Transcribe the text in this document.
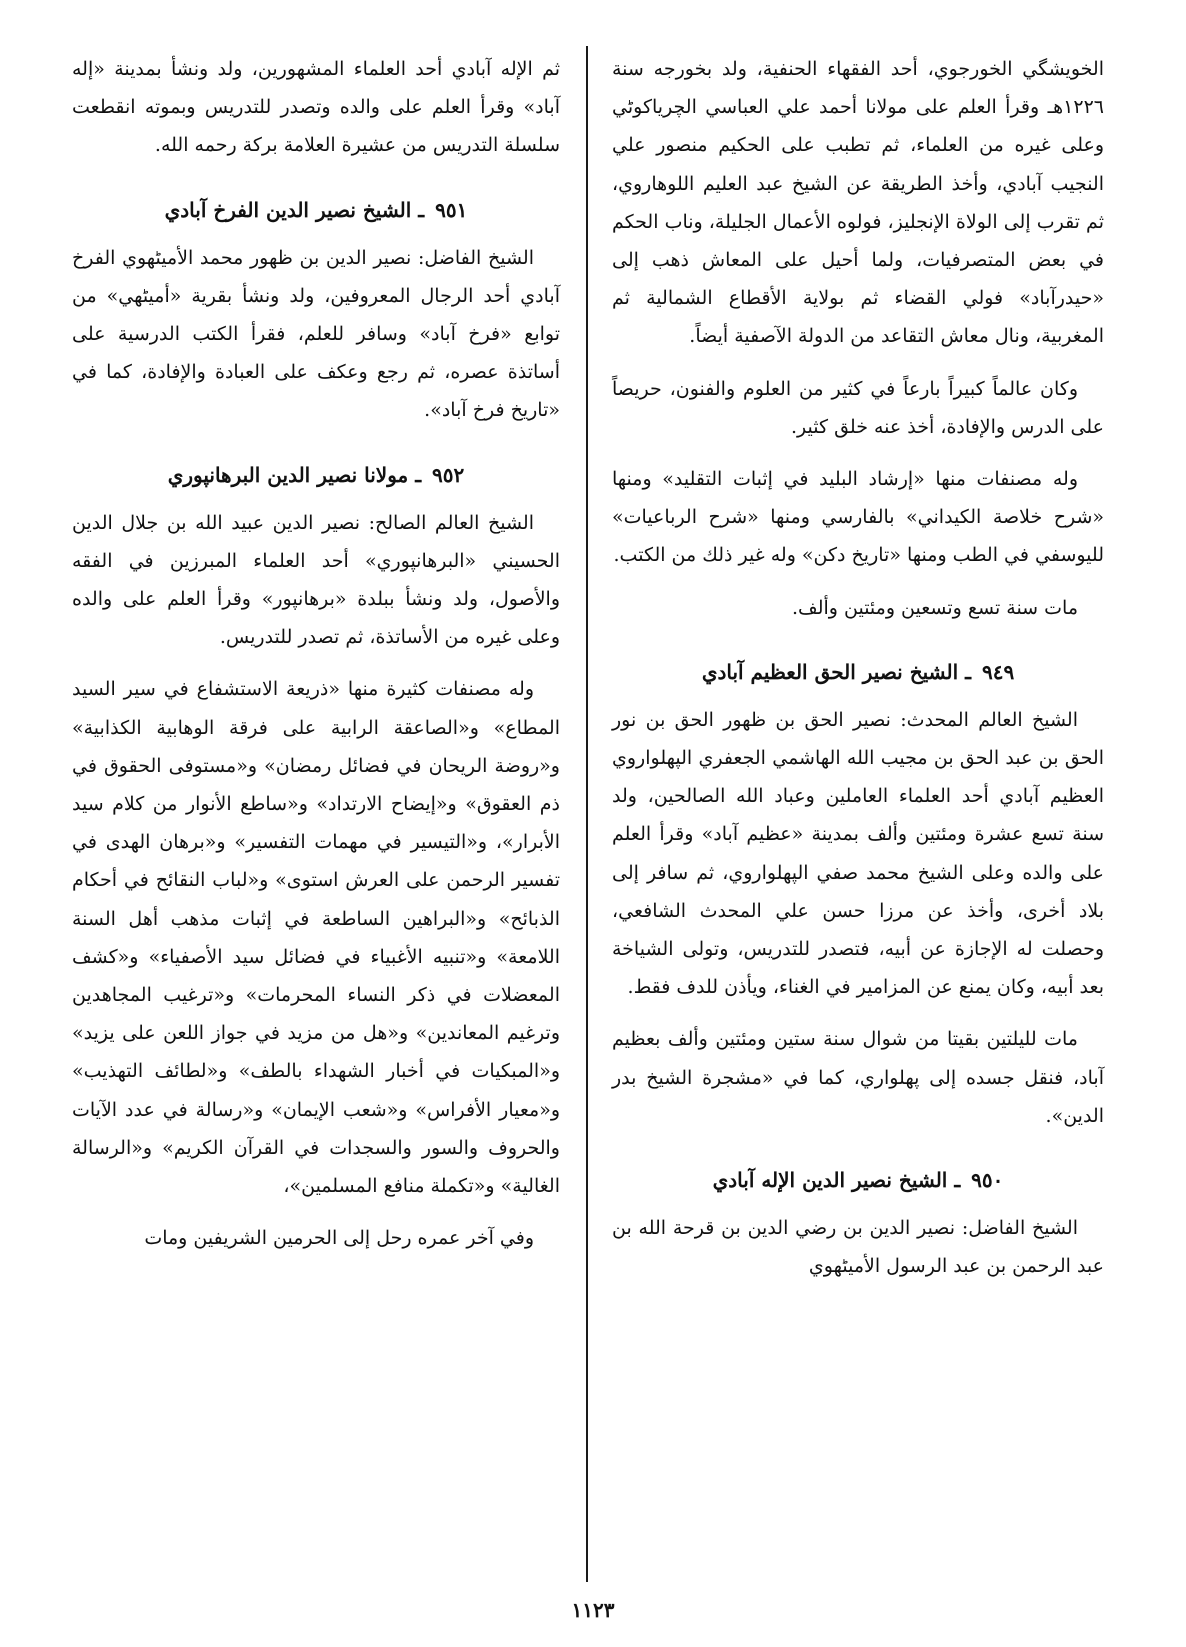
الخويشگي الخورجوي، أحد الفقهاء الحنفية، ولد بخورجه سنة ١٢٢٦هـ وقرأ العلم على مولانا أحمد علي العباسي الچرياكوٹي وعلى غيره من العلماء، ثم تطبب على الحكيم منصور علي النجيب آبادي، وأخذ الطريقة عن الشيخ عبد العليم اللوهاروي، ثم تقرب إلى الولاة الإنجليز، فولوه الأعمال الجليلة، وناب الحكم في بعض المتصرفيات، ولما أحيل على المعاش ذهب إلى «حيدرآباد» فولي القضاء ثم بولاية الأقطاع الشمالية ثم المغربية، ونال معاش التقاعد من الدولة الآصفية أيضاً.

وكان عالماً كبيراً بارعاً في كثير من العلوم والفنون، حريصاً على الدرس والإفادة، أخذ عنه خلق كثير.

وله مصنفات منها «إرشاد البليد في إثبات التقليد» ومنها «شرح خلاصة الكيداني» بالفارسي ومنها «شرح الرباعيات» لليوسفي في الطب ومنها «تاريخ دكن» وله غير ذلك من الكتب.

مات سنة تسع وتسعين ومئتين وألف.

٩٤٩ ـ الشيخ نصير الحق العظيم آبادي

الشيخ العالم المحدث: نصير الحق بن ظهور الحق بن نور الحق بن عبد الحق بن مجيب الله الهاشمي الجعفري الپهلواروي العظيم آبادي أحد العلماء العاملين وعباد الله الصالحين، ولد سنة تسع عشرة ومئتين وألف بمدينة «عظيم آباد» وقرأ العلم على والده وعلى الشيخ محمد صفي الپهلواروي، ثم سافر إلى بلاد أخرى، وأخذ عن مرزا حسن علي المحدث الشافعي، وحصلت له الإجازة عن أبيه، فتصدر للتدريس، وتولى الشياخة بعد أبيه، وكان يمنع عن المزامير في الغناء، ويأذن للدف فقط.

مات لليلتين بقيتا من شوال سنة ستين ومئتين وألف بعظيم آباد، فنقل جسده إلى پهلواري، كما في «مشجرة الشيخ بدر الدين».

٩٥٠ ـ الشيخ نصير الدين الإله آبادي

الشيخ الفاضل: نصير الدين بن رضي الدين بن قرحة الله بن عبد الرحمن بن عبد الرسول الأميٹهوي

ثم الإله آبادي أحد العلماء المشهورين، ولد ونشأ بمدينة «إله آباد» وقرأ العلم على والده وتصدر للتدريس وبموته انقطعت سلسلة التدريس من عشيرة العلامة بركة رحمه الله.

٩٥١ ـ الشيخ نصير الدين الفرخ آبادي

الشيخ الفاضل: نصير الدين بن ظهور محمد الأميٹهوي الفرخ آبادي أحد الرجال المعروفين، ولد ونشأ بقرية «أميٹهي» من توابع «فرخ آباد» وسافر للعلم، فقرأ الكتب الدرسية على أساتذة عصره، ثم رجع وعكف على العبادة والإفادة، كما في «تاريخ فرخ آباد».

٩٥٢ ـ مولانا نصير الدين البرهانپوري

الشيخ العالم الصالح: نصير الدين عبيد الله بن جلال الدين الحسيني «البرهانپوري» أحد العلماء المبرزين في الفقه والأصول، ولد ونشأ ببلدة «برهانپور» وقرأ العلم على والده وعلى غيره من الأساتذة، ثم تصدر للتدريس.

وله مصنفات كثيرة منها «ذريعة الاستشفاع في سير السيد المطاع» و«الصاعقة الرابية على فرقة الوهابية الكذابية» و«روضة الريحان في فضائل رمضان» و«مستوفى الحقوق في ذم العقوق» و«إيضاح الارتداد» و«ساطع الأنوار من كلام سيد الأبرار»، و«التيسير في مهمات التفسير» و«برهان الهدى في تفسير الرحمن على العرش استوى» و«لباب النقائح في أحكام الذبائح» و«البراهين الساطعة في إثبات مذهب أهل السنة اللامعة» و«تنبيه الأغبياء في فضائل سيد الأصفياء» و«كشف المعضلات في ذكر النساء المحرمات» و«ترغيب المجاهدين وترغيم المعاندين» و«هل من مزيد في جواز اللعن على يزيد» و«المبكيات في أخبار الشهداء بالطف» و«لطائف التهذيب» و«معيار الأفراس» و«شعب الإيمان» و«رسالة في عدد الآيات والحروف والسور والسجدات في القرآن الكريم» و«الرسالة الغالية» و«تكملة منافع المسلمين»،

وفي آخر عمره رحل إلى الحرمين الشريفين ومات

١١٢٣
